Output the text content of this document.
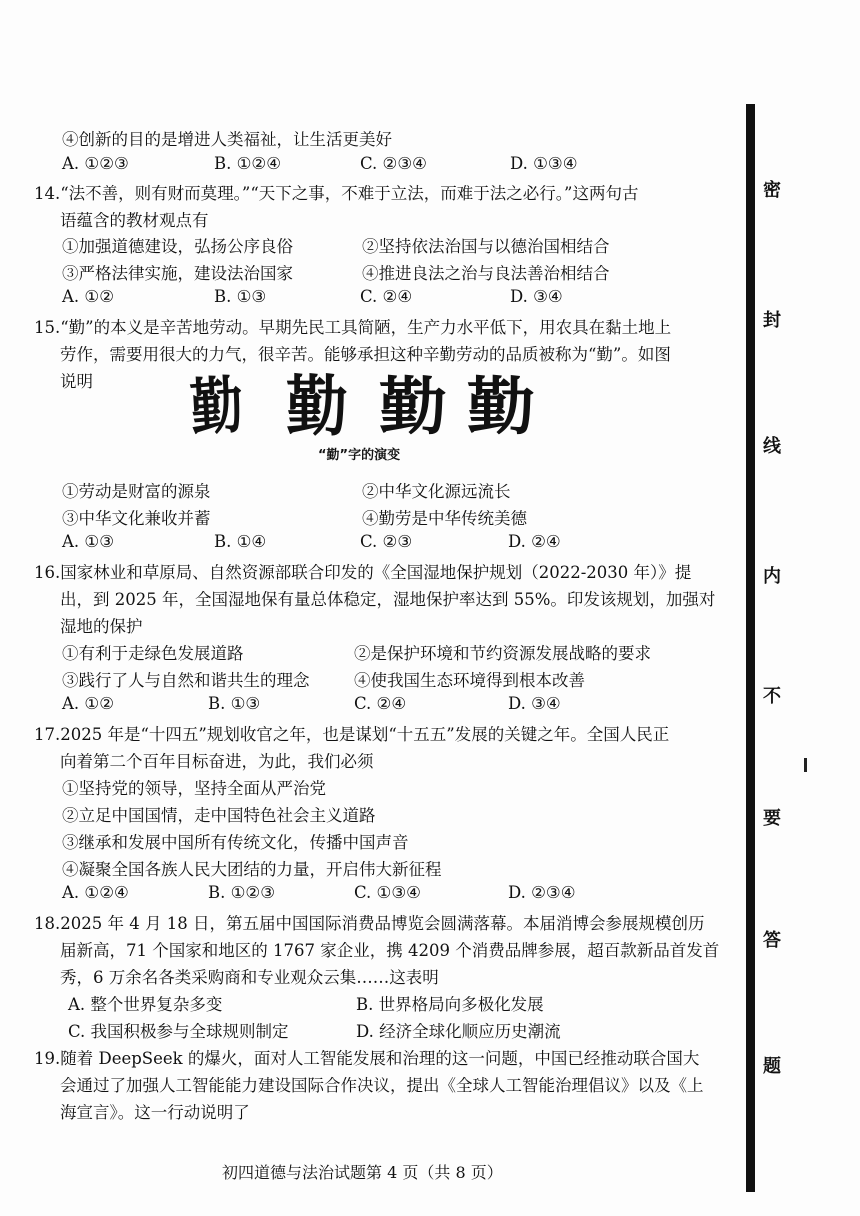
④创新的目的是增进人类福祉，让生活更美好
A. ①②③	B. ①②④	C. ②③④	D. ①③④
14.“法不善，则有财而莫理。”“天下之事，不难于立法，而难于法之必行。”这两句古
语蕴含的教材观点有
①加强道德建设，弘扬公序良俗	②坚持依法治国与以德治国相结合
③严格法律实施，建设法治国家	④推进良法之治与良法善治相结合
A. ①②	B. ①③	C. ②④	D. ③④
15.“勤”的本义是辛苦地劳动。早期先民工具简陋，生产力水平低下，用农具在黏土地上
劳作，需要用很大的力气，很辛苦。能够承担这种辛勤劳动的品质被称为“勤”。如图
说明 勤 勤 勤 勤
“勤”字的演变
①劳动是财富的源泉	②中华文化源远流长
③中华文化兼收并蓄	④勤劳是中华传统美德
A. ①③	B. ①④	C. ②③	D. ②④
16.国家林业和草原局、自然资源部联合印发的《全国湿地保护规划（2022-2030 年）》提
出，到 2025 年，全国湿地保有量总体稳定，湿地保护率达到 55%。印发该规划，加强对
湿地的保护
①有利于走绿色发展道路	②是保护环境和节约资源发展战略的要求
③践行了人与自然和谐共生的理念	④使我国生态环境得到根本改善
A. ①②	B. ①③	C. ②④	D. ③④
17.2025 年是“十四五”规划收官之年，也是谋划“十五五”发展的关键之年。全国人民正
向着第二个百年目标奋进，为此，我们必须
①坚持党的领导，坚持全面从严治党
②立足中国国情，走中国特色社会主义道路
③继承和发展中国所有传统文化，传播中国声音
④凝聚全国各族人民大团结的力量，开启伟大新征程
A. ①②④	B. ①②③	C. ①③④	D. ②③④
18.2025 年 4 月 18 日，第五届中国国际消费品博览会圆满落幕。本届消博会参展规模创历
届新高，71 个国家和地区的 1767 家企业，携 4209 个消费品牌参展，超百款新品首发首
秀，6 万余名各类采购商和专业观众云集……这表明
A. 整个世界复杂多变	B. 世界格局向多极化发展
C. 我国积极参与全球规则制定	D. 经济全球化顺应历史潮流
19.随着 DeepSeek 的爆火，面对人工智能发展和治理的这一问题，中国已经推动联合国大
会通过了加强人工智能能力建设国际合作决议，提出《全球人工智能治理倡议》以及《上
海宣言》。这一行动说明了
初四道德与法治试题第 4 页（共 8 页）
密
封
线
内
不
要
答
题
